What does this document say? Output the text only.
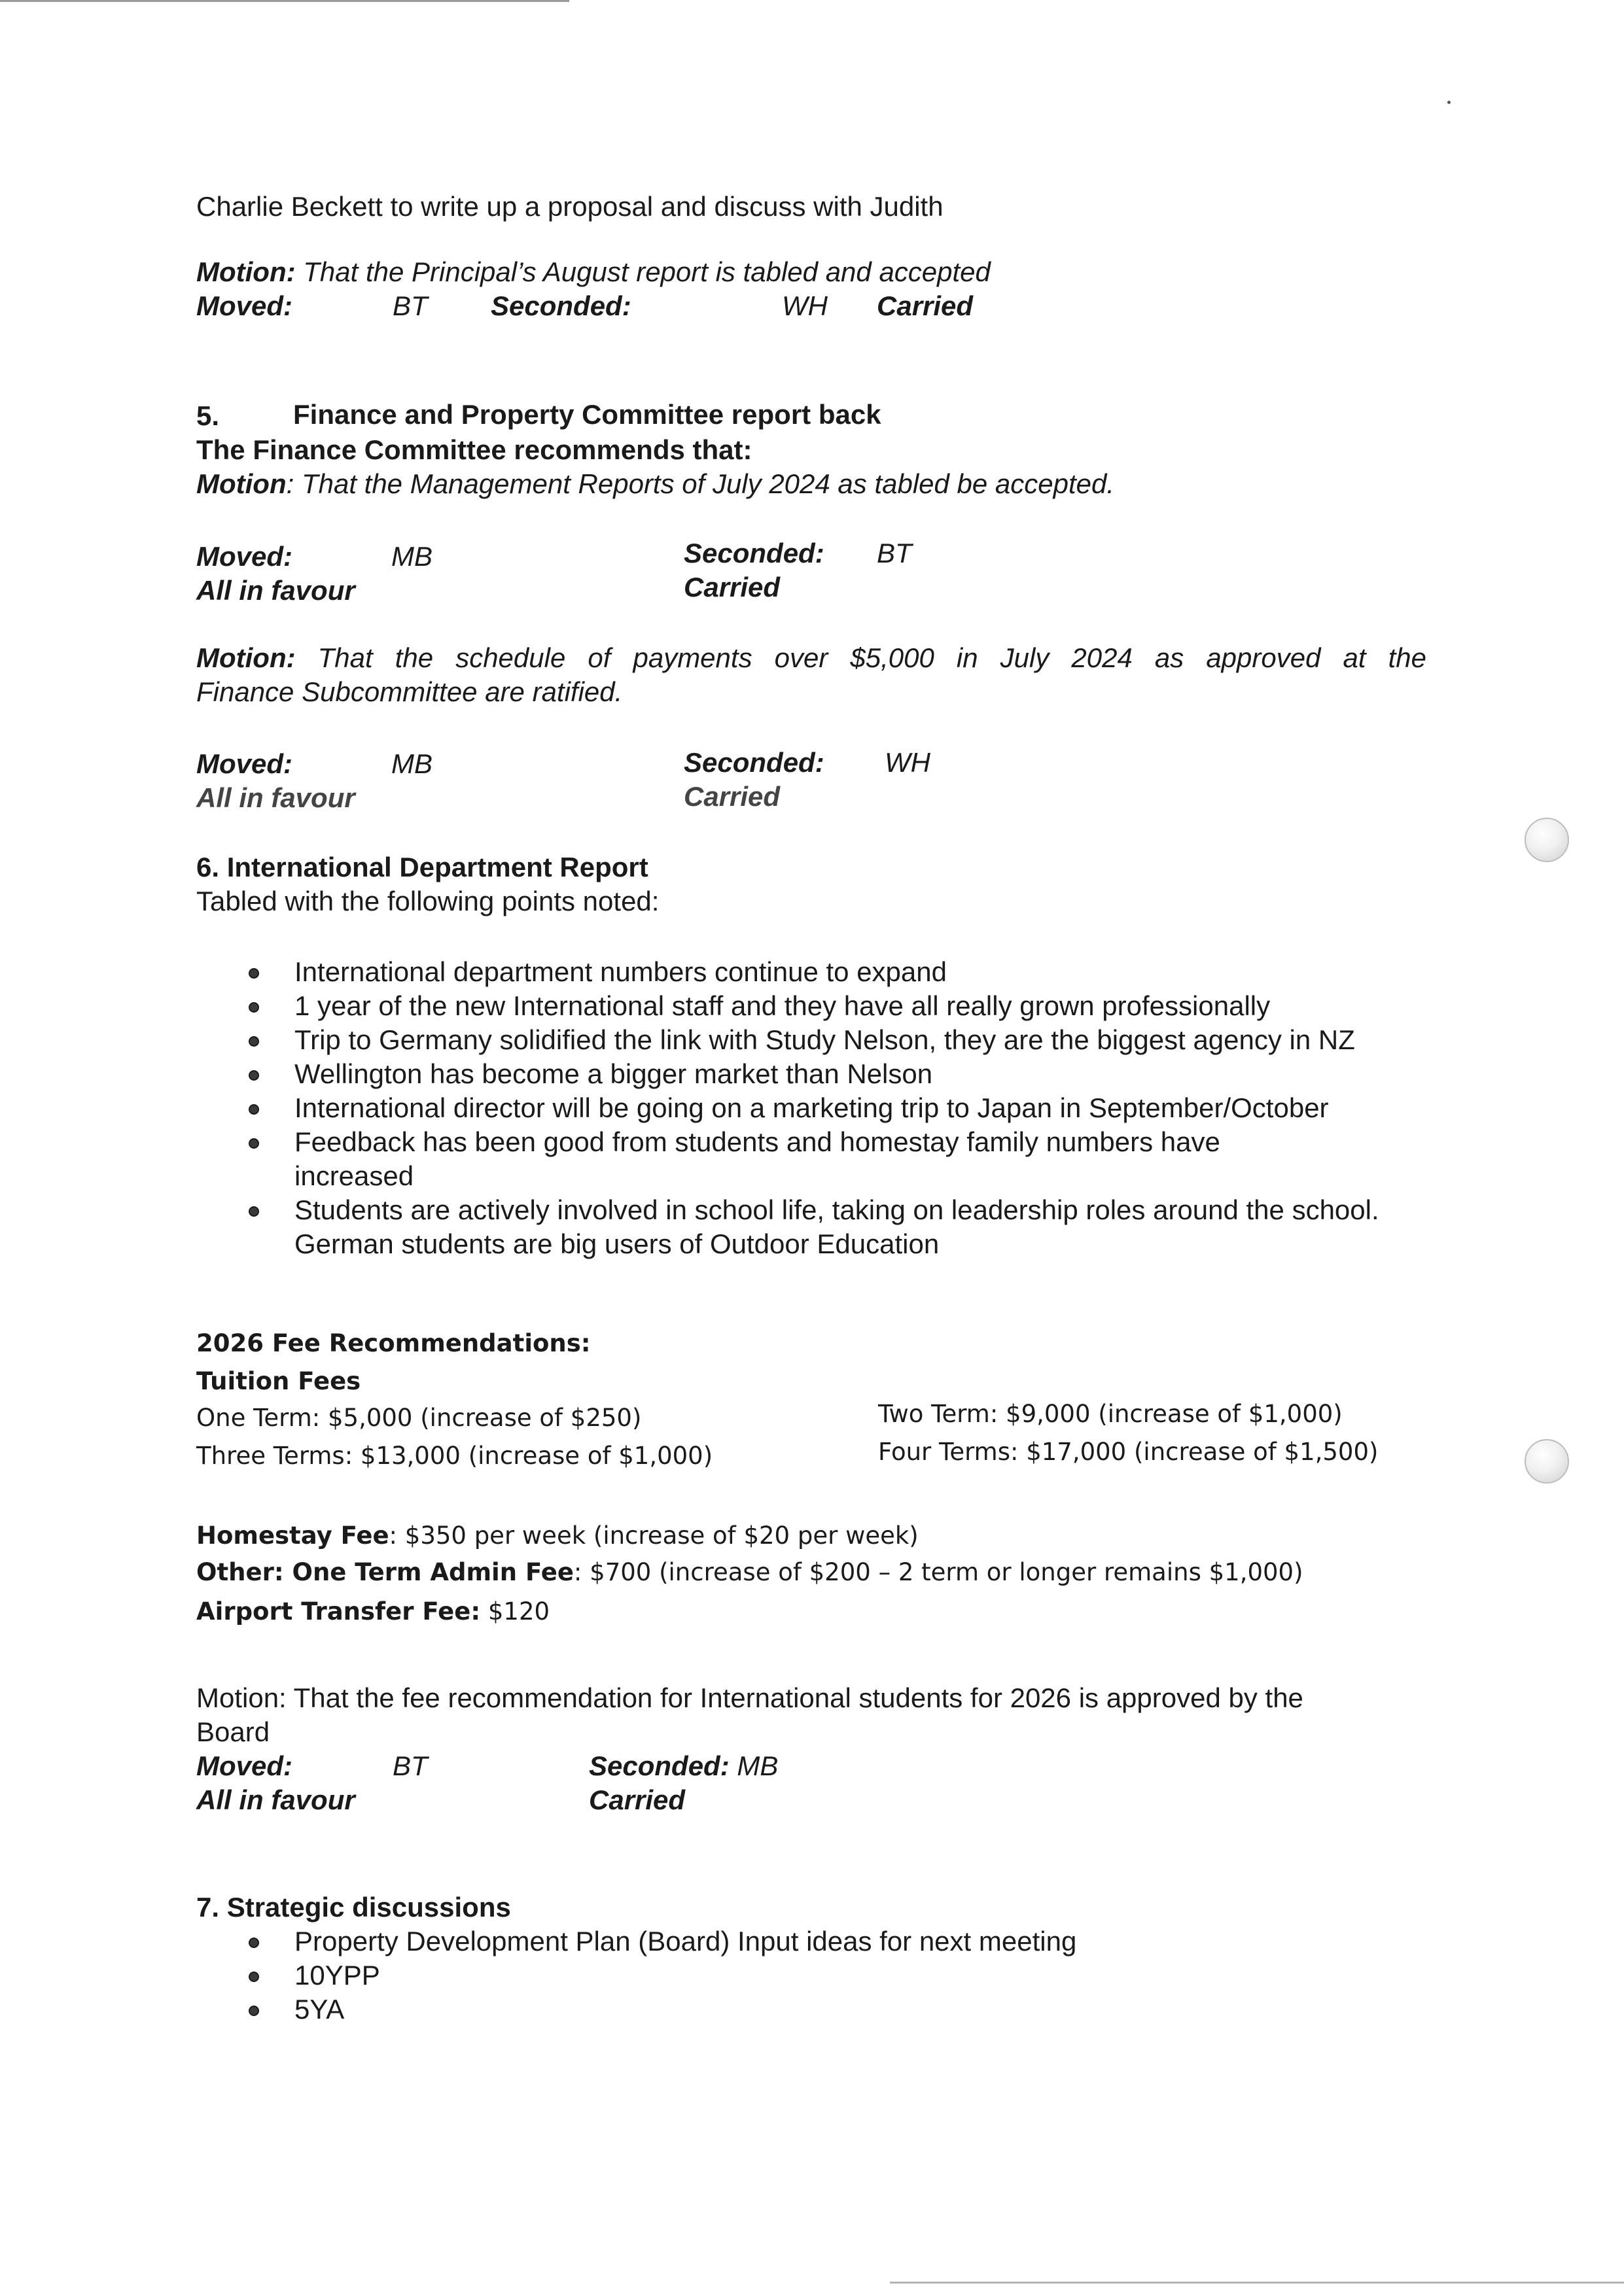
Charlie Beckett to write up a proposal and discuss with Judith
Motion: That the Principal’s August report is tabled and accepted
Moved:	BT Seconded:	WH Carried
5.	Finance and Property Committee report back
The Finance Committee recommends that:
Motion: That the Management Reports of July 2024 as tabled be accepted.
Moved:	MB	Seconded: BT
All in favour	Carried
Motion: That the schedule of payments over $5,000 in July 2024 as approved at the
Finance Subcommittee are ratified.
Moved:	MB	Seconded: WH
All in favour	Carried
6. International Department Report
Tabled with the following points noted:
International department numbers continue to expand
1 year of the new International staff and they have all really grown professionally
Trip to Germany solidified the link with Study Nelson, they are the biggest agency in NZ
Wellington has become a bigger market than Nelson
International director will be going on a marketing trip to Japan in September/October
Feedback has been good from students and homestay family numbers have increased
Students are actively involved in school life, taking on leadership roles around the school. German students are big users of Outdoor Education
2026 Fee Recommendations:
Tuition Fees
One Term: $5,000 (increase of $250)	Two Term: $9,000 (increase of $1,000)
Three Terms: $13,000 (increase of $1,000)	Four Terms: $17,000 (increase of $1,500)
Homestay Fee: $350 per week (increase of $20 per week)
Other: One Term Admin Fee: $700 (increase of $200 – 2 term or longer remains $1,000)
Airport Transfer Fee: $120
Motion: That the fee recommendation for International students for 2026 is approved by the
Board
Moved:	BT	Seconded: MB
All in favour	Carried
7. Strategic discussions
Property Development Plan (Board) Input ideas for next meeting
10YPP
5YA
